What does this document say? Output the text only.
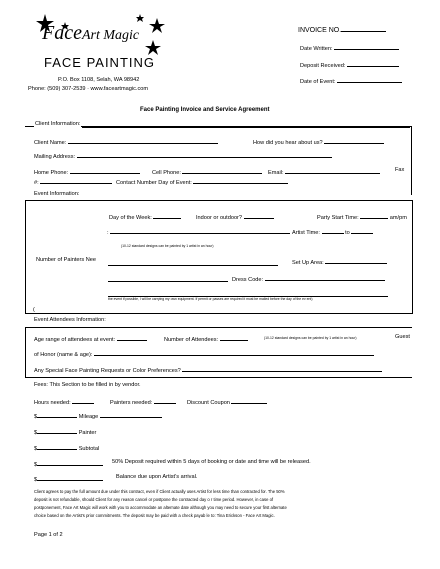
FaceArt Magic
FACE PAINTING
P.O. Box 1108, Selah, WA 98942
Phone: (509) 307-2539 · www.faceartmagic.com
INVOICE NO.
Date Written:
Deposit Received:
Date of Event:
Face Painting Invoice and Service Agreement
Client Information:
Client Name:	How did you hear about us?
Mailing Address:
Home Phone:	Cell Phone:	Email:	Fax
#:	Contact Number Day of Event:
Event Information:
Day of the Week:	Indoor or outdoor?	Party Start Time:	am/pm
:	Artist Time:	to
(10-12 standard designs can be painted by 1 artist in an hour)
Number of Painters Nee	Set Up Area:
Dress Code:
the event if possible, I will be carrying my own equipment. If permit or passes are required it must be mailed before the day of the ev ent)
(
Event Attendees Information:
Age range of attendees at event:	Number of Attendees:	(10-12 standard designs can be painted by 1 artist in an hour)	Guest
of Honor (name & age):
Any Special Face Painting Requests or Color Preferences?
Fees: This Section to be filled in by vendor.
Hours needed:	Painters needed:	Discount Coupon
$	Mileage
$	Painter
$	Subtotal
$	50% Deposit required within 5 days of booking or date and time will be released.
$	Balance due upon Artist’s arrival.
Client agrees to pay the full amount due under this contract, even if Client actually uses Artist for less time than contracted for. The 50%
deposit is not refundable, should Client for any reason cancel or postpone the contracted day o r time period. However, in case of
postponement, Face Art Magic will work with you to accommodate an alternate date although you may need to secure your first alternate
choice based on the Artist’s prior commitments. The deposit may be paid with a check payab le to: Tina Erickson - Face Art Magic.
Page 1 of 2
